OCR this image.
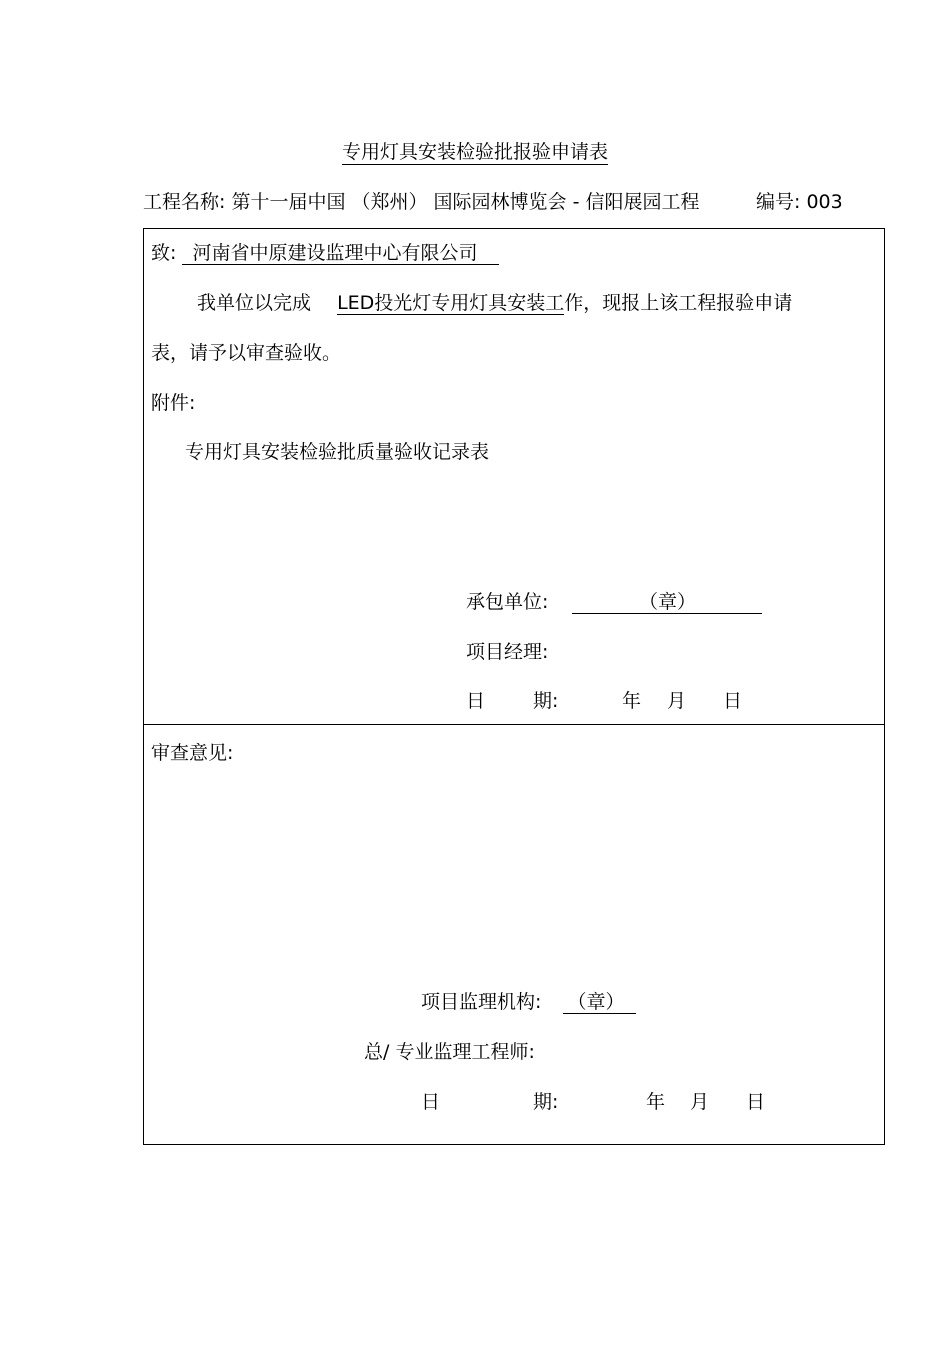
专用灯具安装检验批报验申请表
工程名称: 第十一届中国 （郑州） 国际园林博览会 - 信阳展园工程	编号: 003
致: 河南省中原建设监理中心有限公司
我单位以完成 LED投光灯专用灯具安装工作，现报上该工程报验申请
表，请予以审查验收。
附件:
专用灯具安装检验批质量验收记录表
承包单位:	（章）
项目经理:
日	期:	年 月 日
审查意见:
项目监理机构: （章）
总/ 专业监理工程师:
日	期:	年 月 日
